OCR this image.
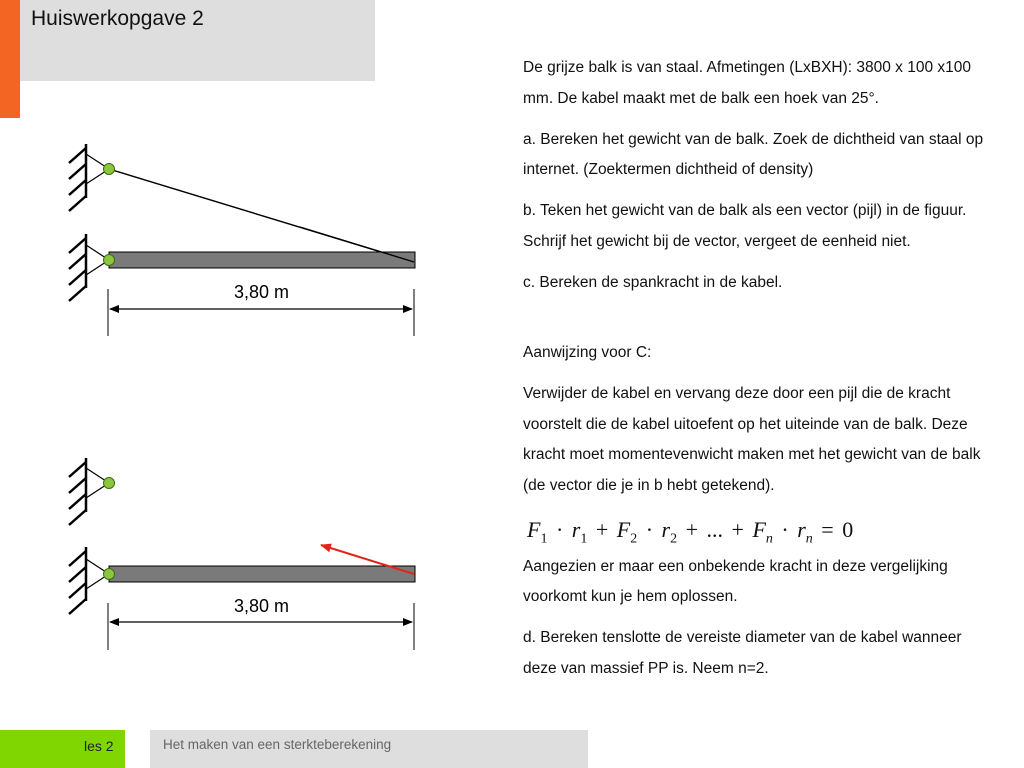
Huiswerkopgave 2
3,80 m
3,80 m

De grijze balk is van staal. Afmetingen (LxBXH): 3800 x 100 x100 mm. De kabel maakt met de balk een hoek van 25°.

a. Bereken het gewicht van de balk. Zoek de dichtheid van staal op internet. (Zoektermen dichtheid of density)

b. Teken het gewicht van de balk als een vector (pijl) in de figuur. Schrijf het gewicht bij de vector, vergeet de eenheid niet.

c. Bereken de spankracht in de kabel.

Aanwijzing voor C:

Verwijder de kabel en vervang deze door een pijl die de kracht voorstelt die de kabel uitoefent op het uiteinde van de balk. Deze kracht moet momentevenwicht maken met het gewicht van de balk (de vector die je in b hebt getekend).

$F_1 \cdot r_1 + F_2 \cdot r_2$ + ... + $F_n \cdot r_n = 0$

Aangezien er maar een onbekende kracht in deze vergelijking voorkomt kun je hem oplossen.

d. Bereken tenslotte de vereiste diameter van de kabel wanneer deze van massief PP is. Neem n=2.

les 2	Het maken van een sterkteberekening
